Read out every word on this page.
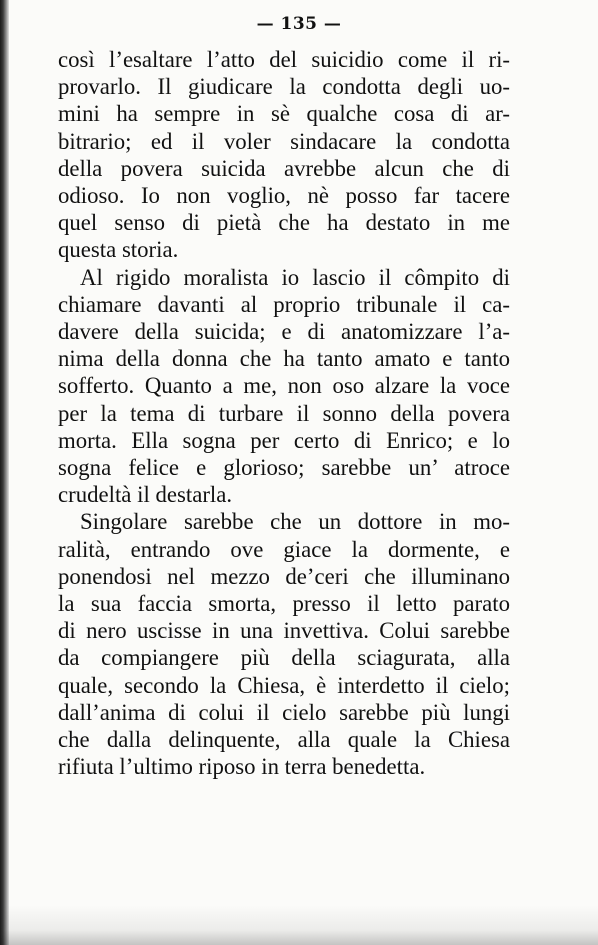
— 135 —
così l’esaltare l’atto del suicidio come il ri-
provarlo. Il giudicare la condotta degli uo-
mini ha sempre in sè qualche cosa di ar-
bitrario; ed il voler sindacare la condotta
della povera suicida avrebbe alcun che di
odioso. Io non voglio, nè posso far tacere
quel senso di pietà che ha destato in me
questa storia.
Al rigido moralista io lascio il cômpito di
chiamare davanti al proprio tribunale il ca-
davere della suicida; e di anatomizzare l’a-
nima della donna che ha tanto amato e tanto
sofferto. Quanto a me, non oso alzare la voce
per la tema di turbare il sonno della povera
morta. Ella sogna per certo di Enrico; e lo
sogna felice e glorioso; sarebbe un’ atroce
crudeltà il destarla.
Singolare sarebbe che un dottore in mo-
ralità, entrando ove giace la dormente, e
ponendosi nel mezzo de’ceri che illuminano
la sua faccia smorta, presso il letto parato
di nero uscisse in una invettiva. Colui sarebbe
da compiangere più della sciagurata, alla
quale, secondo la Chiesa, è interdetto il cielo;
dall’anima di colui il cielo sarebbe più lungi
che dalla delinquente, alla quale la Chiesa
rifiuta l’ultimo riposo in terra benedetta.
